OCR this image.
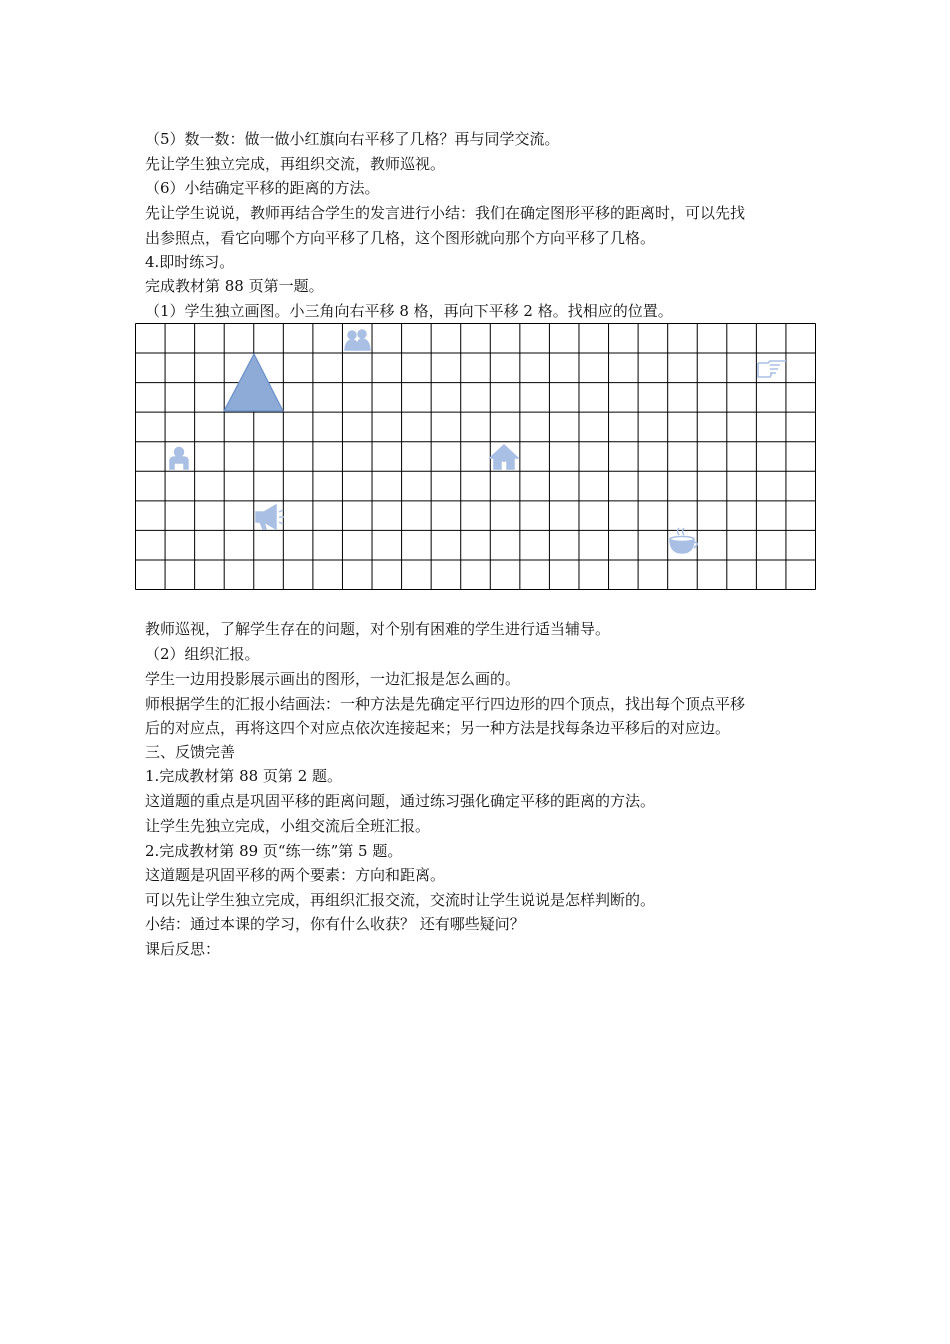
（5）数一数：做一做小红旗向右平移了几格？再与同学交流。
先让学生独立完成，再组织交流，教师巡视。
（6）小结确定平移的距离的方法。
先让学生说说，教师再结合学生的发言进行小结：我们在确定图形平移的距离时，可以先找
出参照点，看它向哪个方向平移了几格，这个图形就向那个方向平移了几格。
4.即时练习。
完成教材第 88 页第一题。
（1）学生独立画图。小三角向右平移 8 格，再向下平移 2 格。找相应的位置。
教师巡视，了解学生存在的问题，对个别有困难的学生进行适当辅导。
（2）组织汇报。
学生一边用投影展示画出的图形，一边汇报是怎么画的。
师根据学生的汇报小结画法：一种方法是先确定平行四边形的四个顶点，找出每个顶点平移
后的对应点，再将这四个对应点依次连接起来；另一种方法是找每条边平移后的对应边。
三、反馈完善
1.完成教材第 88 页第 2 题。
这道题的重点是巩固平移的距离问题，通过练习强化确定平移的距离的方法。
让学生先独立完成，小组交流后全班汇报。
2.完成教材第 89 页“练一练”第 5 题。
这道题是巩固平移的两个要素：方向和距离。
可以先让学生独立完成，再组织汇报交流，交流时让学生说说是怎样判断的。
小结：通过本课的学习，你有什么收获？ 还有哪些疑问？
课后反思：
